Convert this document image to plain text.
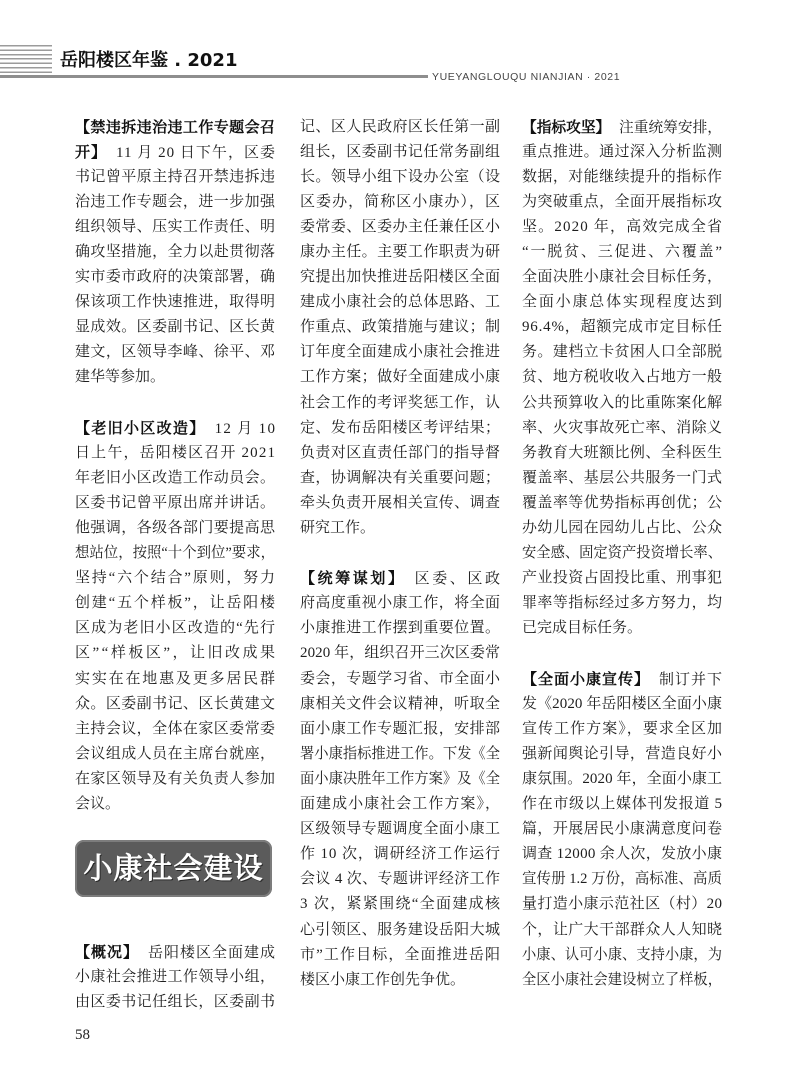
岳阳楼区年鉴 . 2021
YUEYANGLOUQU NIANJIAN · 2021
【禁违拆违治违工作专题会召
开】 11 月 20 日下午，区委
书记曾平原主持召开禁违拆违
治违工作专题会，进一步加强
组织领导、压实工作责任、明
确攻坚措施，全力以赴贯彻落
实市委市政府的决策部署，确
保该项工作快速推进，取得明
显成效。区委副书记、区长黄
建文，区领导李峰、徐平、邓
建华等参加。
【老旧小区改造】 12 月 10
日上午，岳阳楼区召开 2021
年老旧小区改造工作动员会。
区委书记曾平原出席并讲话。
他强调，各级各部门要提高思
想站位，按照“十个到位”要求，
坚持“六个结合”原则，努力
创建“五个样板”，让岳阳楼
区成为老旧小区改造的“先行
区”“样板区”，让旧改成果
实实在在地惠及更多居民群
众。区委副书记、区长黄建文
主持会议，全体在家区委常委
会议组成人员在主席台就座，
在家区领导及有关负责人参加
会议。
小康社会建设
【概况】 岳阳楼区全面建成
小康社会推进工作领导小组，
由区委书记任组长，区委副书
记、区人民政府区长任第一副
组长，区委副书记任常务副组
长。领导小组下设办公室（设
区委办，简称区小康办），区
委常委、区委办主任兼任区小
康办主任。主要工作职责为研
究提出加快推进岳阳楼区全面
建成小康社会的总体思路、工
作重点、政策措施与建议；制
订年度全面建成小康社会推进
工作方案；做好全面建成小康
社会工作的考评奖惩工作，认
定、发布岳阳楼区考评结果；
负责对区直责任部门的指导督
查，协调解决有关重要问题；
牵头负责开展相关宣传、调查
研究工作。
【统筹谋划】 区委、区政
府高度重视小康工作，将全面
小康推进工作摆到重要位置。
2020 年，组织召开三次区委常
委会，专题学习省、市全面小
康相关文件会议精神，听取全
面小康工作专题汇报，安排部
署小康指标推进工作。下发《全
面小康决胜年工作方案》及《全
面建成小康社会工作方案》，
区级领导专题调度全面小康工
作 10 次，调研经济工作运行
会议 4 次、专题讲评经济工作
3 次，紧紧围绕“全面建成核
心引领区、服务建设岳阳大城
市”工作目标，全面推进岳阳
楼区小康工作创先争优。
【指标攻坚】 注重统筹安排，
重点推进。通过深入分析监测
数据，对能继续提升的指标作
为突破重点，全面开展指标攻
坚。2020 年，高效完成全省
“一脱贫、三促进、六覆盖”
全面决胜小康社会目标任务，
全面小康总体实现程度达到
96.4%，超额完成市定目标任
务。建档立卡贫困人口全部脱
贫、地方税收收入占地方一般
公共预算收入的比重陈案化解
率、火灾事故死亡率、消除义
务教育大班额比例、全科医生
覆盖率、基层公共服务一门式
覆盖率等优势指标再创优；公
办幼儿园在园幼儿占比、公众
安全感、固定资产投资增长率、
产业投资占固投比重、刑事犯
罪率等指标经过多方努力，均
已完成目标任务。
【全面小康宣传】 制订并下
发《2020 年岳阳楼区全面小康
宣传工作方案》，要求全区加
强新闻舆论引导，营造良好小
康氛围。2020 年，全面小康工
作在市级以上媒体刊发报道 5
篇，开展居民小康满意度问卷
调查 12000 余人次，发放小康
宣传册 1.2 万份，高标准、高质
量打造小康示范社区（村）20
个，让广大干部群众人人知晓
小康、认可小康、支持小康，为
全区小康社会建设树立了样板，
58
